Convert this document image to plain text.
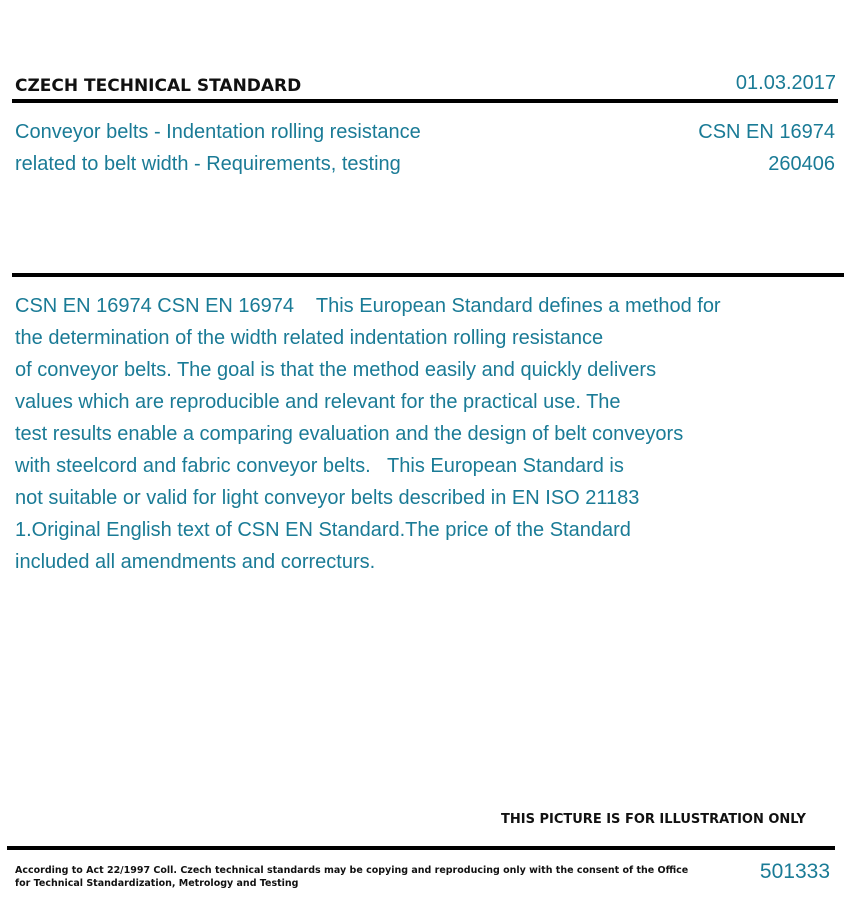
CZECH TECHNICAL STANDARD	01.03.2017
Conveyor belts - Indentation rolling resistance
related to belt width - Requirements, testing
CSN EN 16974
260406
CSN EN 16974 CSN EN 16974    This European Standard defines a method for
the determination of the width related indentation rolling resistance
of conveyor belts. The goal is that the method easily and quickly delivers
values which are reproducible and relevant for the practical use. The
test results enable a comparing evaluation and the design of belt conveyors
with steelcord and fabric conveyor belts.   This European Standard is
not suitable or valid for light conveyor belts described in EN ISO 21183
1.Original English text of CSN EN Standard.The price of the Standard
included all amendments and correcturs.
THIS PICTURE IS FOR ILLUSTRATION ONLY
According to Act 22/1997 Coll. Czech technical standards may be copying and reproducing only with the consent of the Office
for Technical Standardization, Metrology and Testing
501333
